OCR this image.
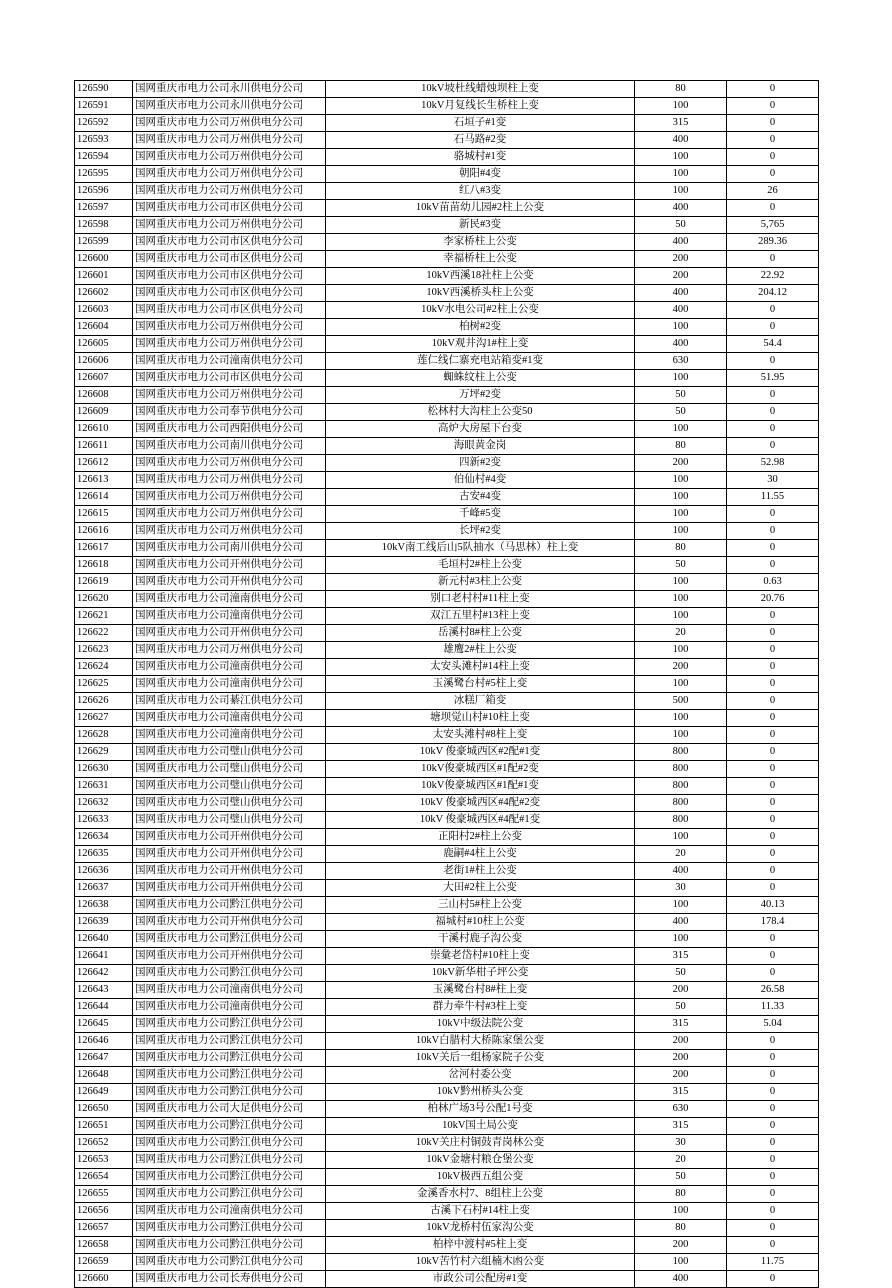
126590	国网重庆市电力公司永川供电分公司	10kV坡杜线蜡烛坝柱上变	80	0
126591	国网重庆市电力公司永川供电分公司	10kV月复线长生桥柱上变	100	0
126592	国网重庆市电力公司万州供电分公司	石垣子#1变	315	0
126593	国网重庆市电力公司万州供电分公司	石马路#2变	400	0
126594	国网重庆市电力公司万州供电分公司	骆城村#1变	100	0
126595	国网重庆市电力公司万州供电分公司	朝阳#4变	100	0
126596	国网重庆市电力公司万州供电分公司	红八#3变	100	26
126597	国网重庆市电力公司市区供电分公司	10kV苗苗幼儿园#2柱上公变	400	0
126598	国网重庆市电力公司万州供电分公司	新民#3变	50	5,765
126599	国网重庆市电力公司市区供电分公司	李家桥柱上公变	400	289.36
126600	国网重庆市电力公司市区供电分公司	幸福桥柱上公变	200	0
126601	国网重庆市电力公司市区供电分公司	10kV西溪18社柱上公变	200	22.92
126602	国网重庆市电力公司市区供电分公司	10kV西溪桥头柱上公变	400	204.12
126603	国网重庆市电力公司市区供电分公司	10kV水电公司#2柱上公变	400	0
126604	国网重庆市电力公司万州供电分公司	柏树#2变	100	0
126605	国网重庆市电力公司万州供电分公司	10kV观井沟1#柱上变	400	54.4
126606	国网重庆市电力公司潼南供电分公司	莲仁线仁寨充电站箱变#1变	630	0
126607	国网重庆市电力公司市区供电分公司	蜘蛛纹柱上公变	100	51.95
126608	国网重庆市电力公司万州供电分公司	万坪#2变	50	0
126609	国网重庆市电力公司奉节供电分公司	松林村大沟柱上公变50	50	0
126610	国网重庆市电力公司西阳供电分公司	高炉大房屋下台变	100	0
126611	国网重庆市电力公司南川供电分公司	海眼黄金岗	80	0
126612	国网重庆市电力公司万州供电分公司	四新#2变	200	52.98
126613	国网重庆市电力公司万州供电分公司	伯仙村#4变	100	30
126614	国网重庆市电力公司万州供电分公司	古安#4变	100	11.55
126615	国网重庆市电力公司万州供电分公司	千峰#5变	100	0
126616	国网重庆市电力公司万州供电分公司	长坪#2变	100	0
126617	国网重庆市电力公司南川供电分公司	10kV南工线后山5队抽水（马思林）柱上变	80	0
126618	国网重庆市电力公司开州供电分公司	毛垣村2#柱上公变	50	0
126619	国网重庆市电力公司开州供电分公司	新元村#3柱上公变	100	0.63
126620	国网重庆市电力公司潼南供电分公司	别口老村村#11柱上变	100	20.76
126621	国网重庆市电力公司潼南供电分公司	双江五里村#13柱上变	100	0
126622	国网重庆市电力公司开州供电分公司	岳溪村8#柱上公变	20	0
126623	国网重庆市电力公司万州供电分公司	雄鹰2#柱上公变	100	0
126624	国网重庆市电力公司潼南供电分公司	太安头滩村#14柱上变	200	0
126625	国网重庆市电力公司潼南供电分公司	玉溪鹭台村#5柱上变	100	0
126626	国网重庆市电力公司綦江供电分公司	冰糕厂箱变	500	0
126627	国网重庆市电力公司潼南供电分公司	塘坝觉山村#10柱上变	100	0
126628	国网重庆市电力公司潼南供电分公司	太安头滩村#8柱上变	100	0
126629	国网重庆市电力公司璧山供电分公司	10kV 俊豪城西区#2配#1变	800	0
126630	国网重庆市电力公司璧山供电分公司	10kV俊豪城西区#1配#2变	800	0
126631	国网重庆市电力公司璧山供电分公司	10kV俊豪城西区#1配#1变	800	0
126632	国网重庆市电力公司璧山供电分公司	10kV 俊豪城西区#4配#2变	800	0
126633	国网重庆市电力公司璧山供电分公司	10kV 俊豪城西区#4配#1变	800	0
126634	国网重庆市电力公司开州供电分公司	正阳村2#柱上公变	100	0
126635	国网重庆市电力公司开州供电分公司	鹿嗣#4柱上公变	20	0
126636	国网重庆市电力公司开州供电分公司	老街1#柱上公变	400	0
126637	国网重庆市电力公司开州供电分公司	大田#2柱上公变	30	0
126638	国网重庆市电力公司黔江供电分公司	三山村5#柱上公变	100	40.13
126639	国网重庆市电力公司开州供电分公司	福城村#10柱上公变	400	178.4
126640	国网重庆市电力公司黔江供电分公司	干溪村鹿子沟公变	100	0
126641	国网重庆市电力公司开州供电分公司	崇彙老岱村#10柱上变	315	0
126642	国网重庆市电力公司黔江供电分公司	10kV新华柑子坪公变	50	0
126643	国网重庆市电力公司潼南供电分公司	玉溪鹭台村8#柱上变	200	26.58
126644	国网重庆市电力公司潼南供电分公司	群力牵牛村#3柱上变	50	11.33
126645	国网重庆市电力公司黔江供电分公司	10kV中级法院公变	315	5.04
126646	国网重庆市电力公司黔江供电分公司	10kV白腊村大桥陈家堡公变	200	0
126647	国网重庆市电力公司黔江供电分公司	10kV关后一组杨家院子公变	200	0
126648	国网重庆市电力公司黔江供电分公司	岔河村委公变	200	0
126649	国网重庆市电力公司黔江供电分公司	10kV黔州桥头公变	315	0
126650	国网重庆市电力公司大足供电分公司	柏林广场3号公配1号变	630	0
126651	国网重庆市电力公司黔江供电分公司	10kV国土局公变	315	0
126652	国网重庆市电力公司黔江供电分公司	10kV关庄村铜鼓青岗林公变	30	0
126653	国网重庆市电力公司黔江供电分公司	10kV金塘村粮仓堡公变	20	0
126654	国网重庆市电力公司黔江供电分公司	10kV极西五组公变	50	0
126655	国网重庆市电力公司黔江供电分公司	金溪香水村7、8组柱上公变	80	0
126656	国网重庆市电力公司潼南供电分公司	古溪下石村#14柱上变	100	0
126657	国网重庆市电力公司黔江供电分公司	10kV龙桥村伍家沟公变	80	0
126658	国网重庆市电力公司黔江供电分公司	柏梓中渡村#5柱上变	200	0
126659	国网重庆市电力公司黔江供电分公司	10kV苦竹村六组楠木凼公变	100	11.75
126660	国网重庆市电力公司长寿供电分公司	市政公司公配房#1变	400	0
